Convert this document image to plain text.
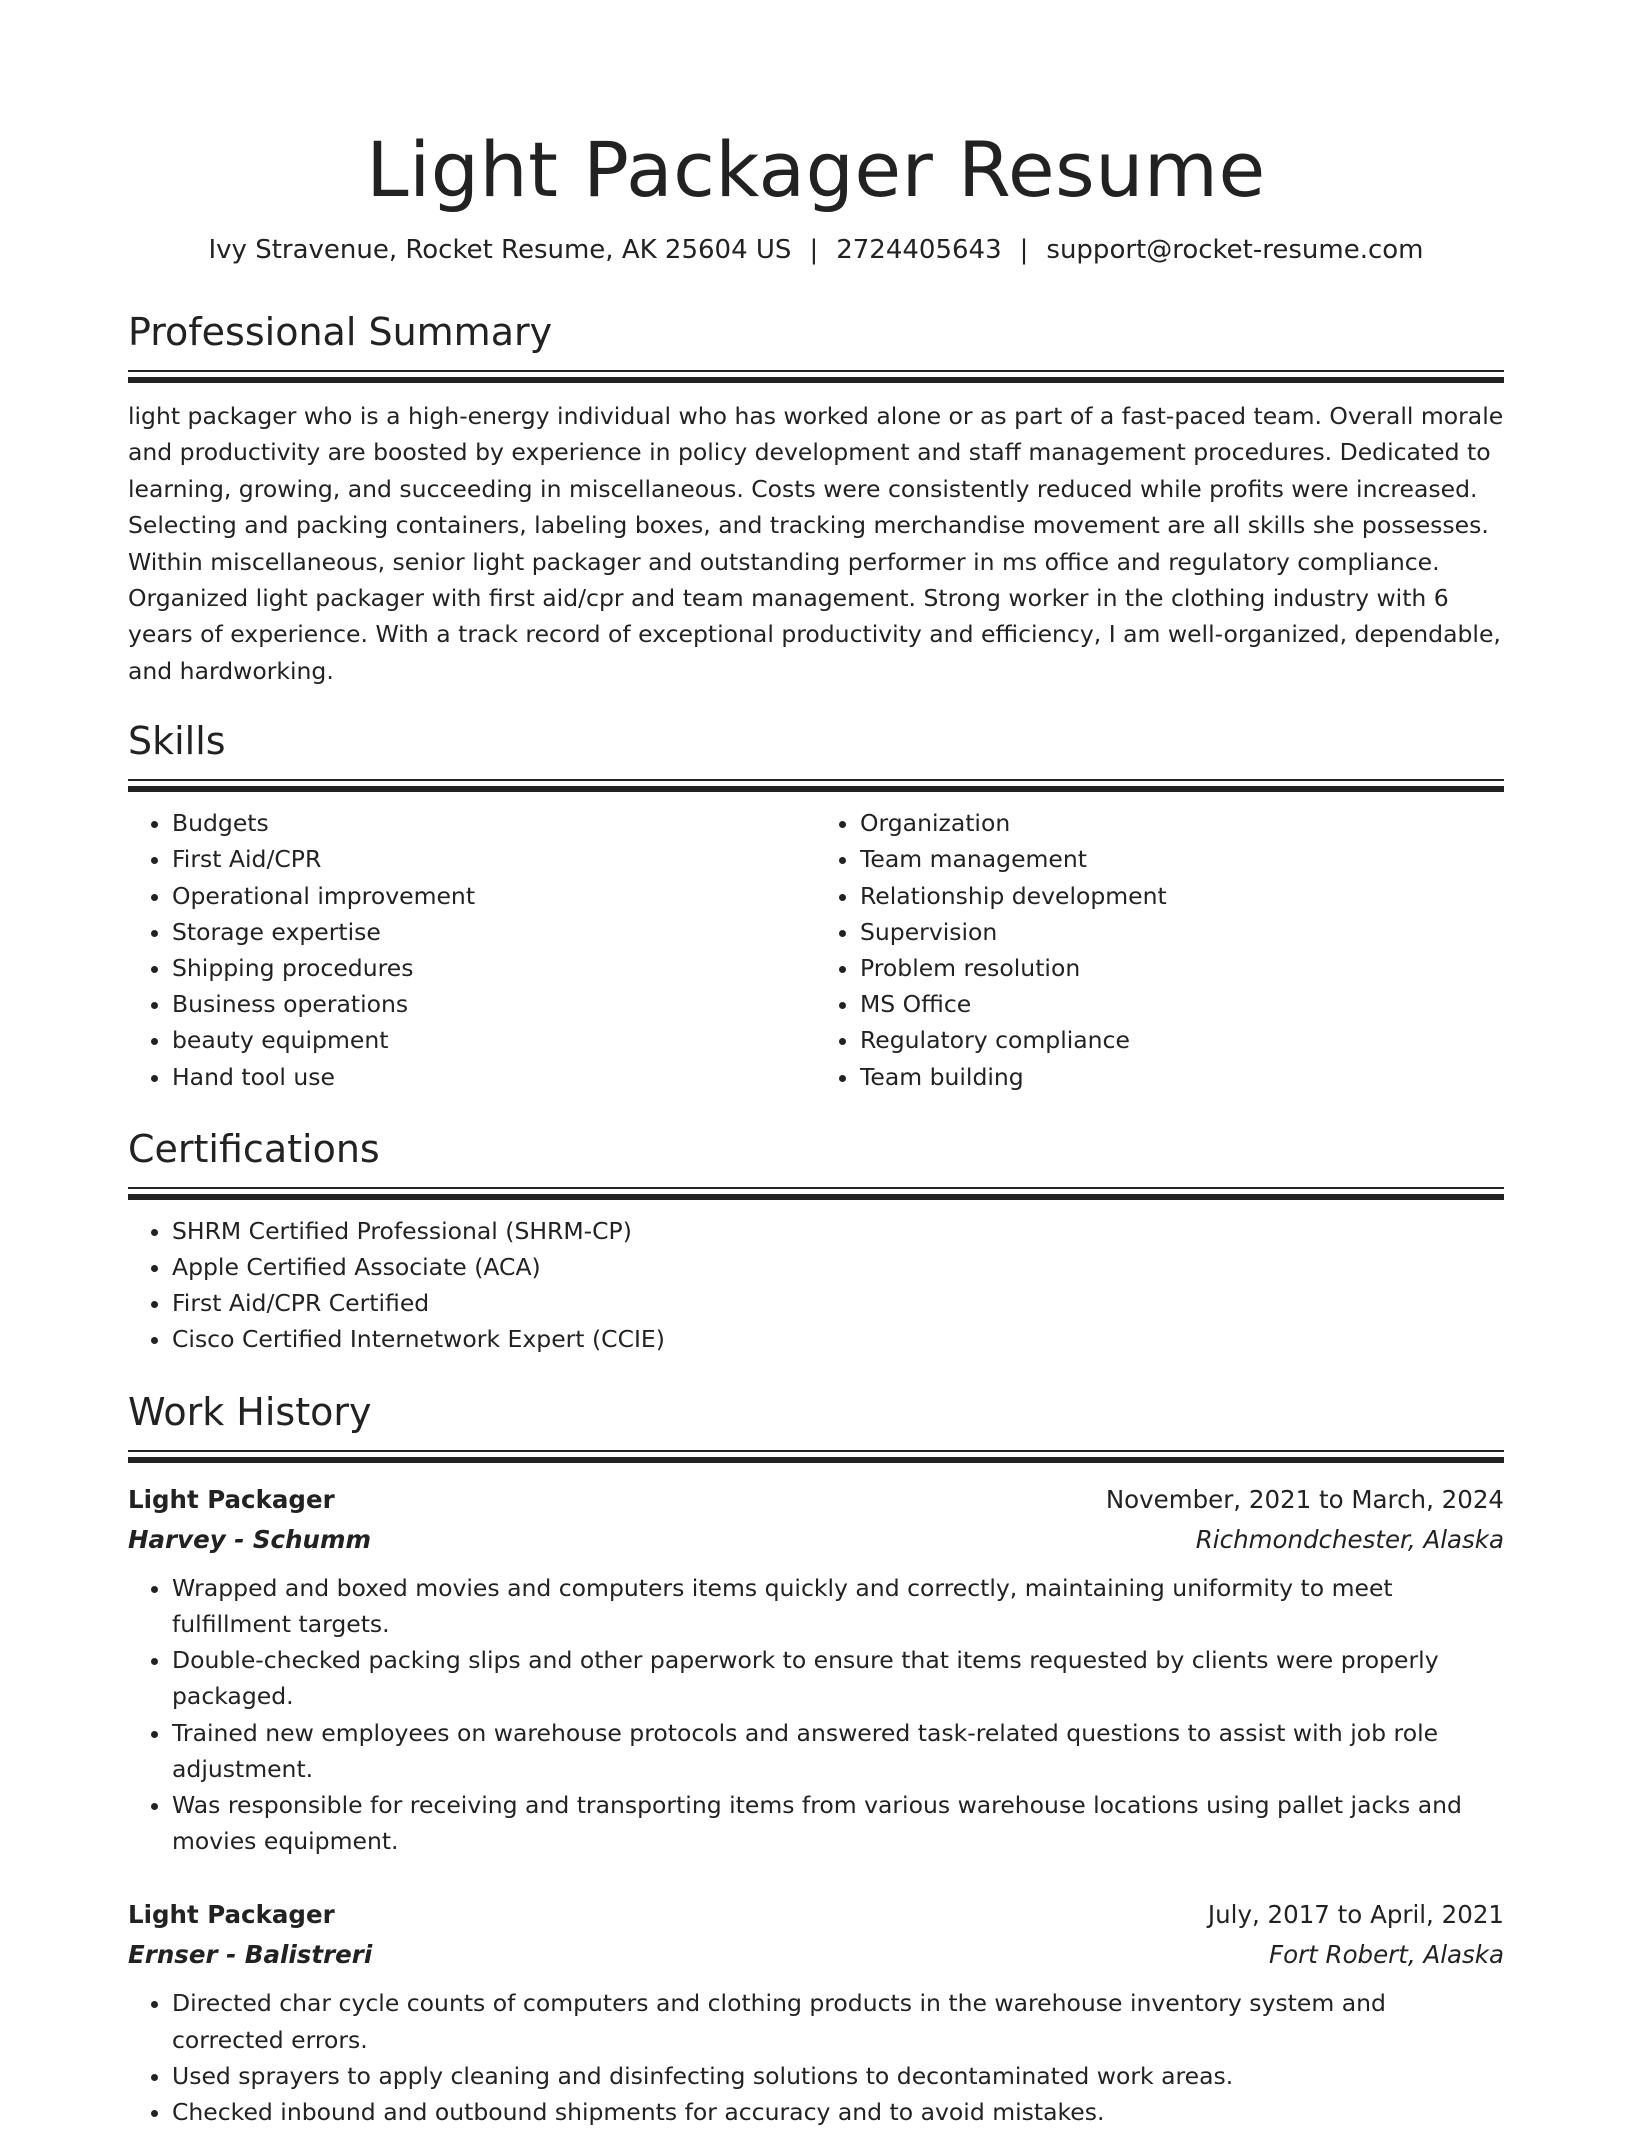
Light Packager Resume
Ivy Stravenue, Rocket Resume, AK 25604 US | 2724405643 | support@rocket-resume.com
Professional Summary

light packager who is a high-energy individual who has worked alone or as part of a fast-paced team. Overall morale and productivity are boosted by experience in policy development and staff management procedures. Dedicated to learning, growing, and succeeding in miscellaneous. Costs were consistently reduced while profits were increased. Selecting and packing containers, labeling boxes, and tracking merchandise movement are all skills she possesses. Within miscellaneous, senior light packager and outstanding performer in ms office and regulatory compliance. Organized light packager with first aid/cpr and team management. Strong worker in the clothing industry with 6 years of experience. With a track record of exceptional productivity and efficiency, I am well-organized, dependable, and hardworking.

Skills
• Budgets
• First Aid/CPR
• Operational improvement
• Storage expertise
• Shipping procedures
• Business operations
• beauty equipment
• Hand tool use
• Organization
• Team management
• Relationship development
• Supervision
• Problem resolution
• MS Office
• Regulatory compliance
• Team building
Certifications
• SHRM Certified Professional (SHRM-CP)
• Apple Certified Associate (ACA)
• First Aid/CPR Certified
• Cisco Certified Internetwork Expert (CCIE)
Work History
Light Packager	November, 2021 to March, 2024
Harvey - Schumm	Richmondchester, Alaska
• Wrapped and boxed movies and computers items quickly and correctly, maintaining uniformity to meet fulfillment targets.
• Double-checked packing slips and other paperwork to ensure that items requested by clients were properly packaged.
• Trained new employees on warehouse protocols and answered task-related questions to assist with job role adjustment.
• Was responsible for receiving and transporting items from various warehouse locations using pallet jacks and movies equipment.
Light Packager	July, 2017 to April, 2021
Ernser - Balistreri	Fort Robert, Alaska
• Directed char cycle counts of computers and clothing products in the warehouse inventory system and corrected errors.
• Used sprayers to apply cleaning and disinfecting solutions to decontaminated work areas.
• Checked inbound and outbound shipments for accuracy and to avoid mistakes.
